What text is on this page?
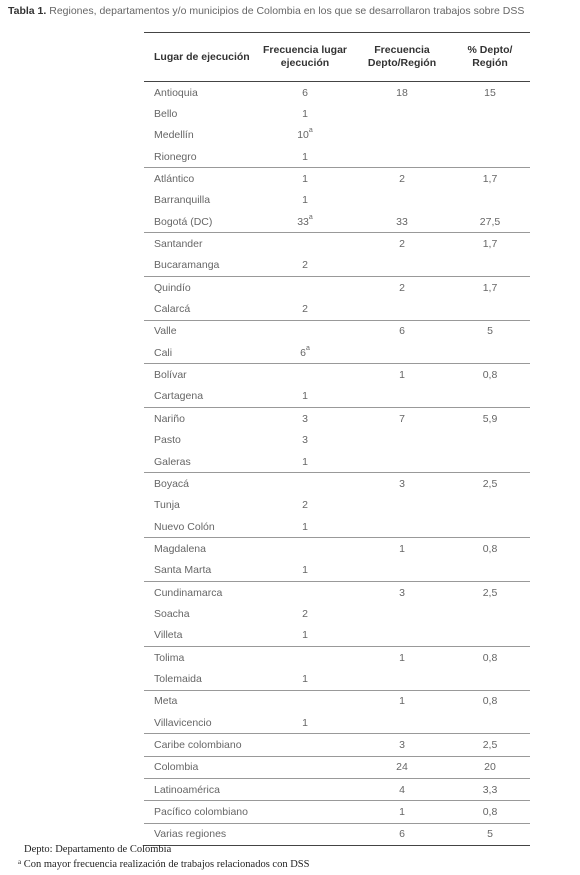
Tabla 1. Regiones, departamentos y/o municipios de Colombia en los que se desarrollaron trabajos sobre DSS
Lugar de ejecución	Frecuencia lugar ejecución	Frecuencia Depto/Región	% Depto/ Región
Antioquia	6	18	15
Bello	1		
Medellín	10$^a$		
Rionegro	1		
Atlántico	1	2	1,7
Barranquilla	1		
Bogotá (DC)	33$^a$	33	27,5
Santander		2	1,7
Bucaramanga	2		
Quindío		2	1,7
Calarcá	2		
Valle		6	5
Cali	6$^a$		
Bolívar		1	0,8
Cartagena	1		
Nariño	3	7	5,9
Pasto	3		
Galeras	1		
Boyacá		3	2,5
Tunja	2		
Nuevo Colón	1		
Magdalena		1	0,8
Santa Marta	1		
Cundinamarca		3	2,5
Soacha	2		
Villeta	1		
Tolima		1	0,8
Tolemaida	1		
Meta		1	0,8
Villavicencio	1		
Caribe colombiano		3	2,5
Colombia		24	20
Latinoamérica		4	3,3
Pacífico colombiano		1	0,8
Varias regiones		6	5
Depto: Departamento de Colombia
$^a$ Con mayor frecuencia realización de trabajos relacionados con DSS
